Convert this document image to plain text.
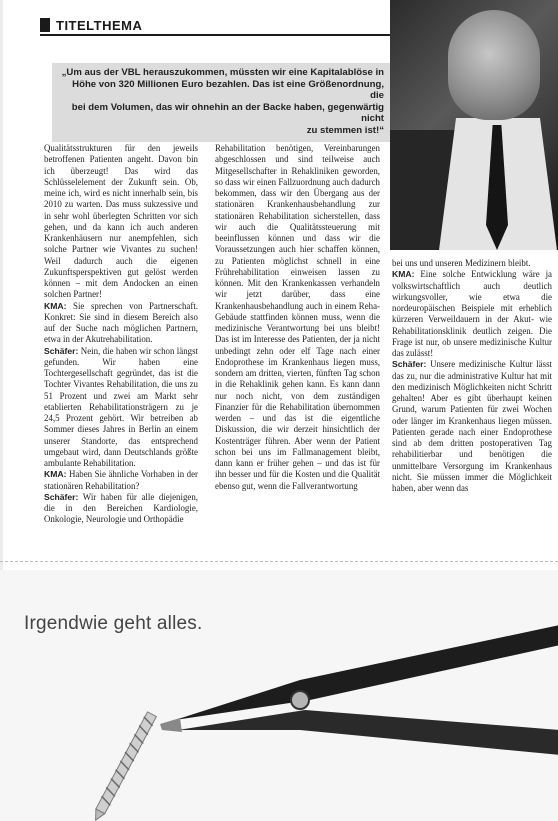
TITELTHEMA

„Um aus der VBL herauszukommen, müssten wir eine Kapitalablöse in

Höhe von 320 Millionen Euro bezahlen. Das ist eine Größenordnung, die

bei dem Volumen, das wir ohnehin an der Backe haben, gegenwärtig nicht

zu stemmen ist!“

Qualitätsstrukturen für den jeweils betroffenen Patienten angeht. Davon bin ich überzeugt! Das wird das Schlüsselelement der Zukunft sein. Ob, meine ich, wird es nicht innerhalb sein, bis 2010 zu warten. Das muss sukzessive und in sehr wohl überlegten Schritten vor sich gehen, und da kann ich auch anderen Krankenhäusern nur anempfehlen, sich solche Partner wie Vivantes zu suchen! Weil dadurch auch die eigenen Zukunftsperspektiven gut gelöst werden können – mit dem Andocken an einen solchen Partner!

KMA: Sie sprechen von Partnerschaft. Konkret: Sie sind in diesem Bereich also auf der Suche nach möglichen Partnern, etwa in der Akutrehabilitation.

Schäfer: Nein, die haben wir schon längst gefunden. Wir haben eine Tochtergesellschaft gegründet, das ist die Tochter Vivantes Rehabilitation, die uns zu 51 Prozent und zwei am Markt sehr etablierten Rehabilitationsträgern zu je 24,5 Prozent gehört. Wir betreiben ab Sommer dieses Jahres in Berlin an einem unserer Standorte, das entsprechend umgebaut wird, dann Deutschlands größte ambulante Rehabilitation.

KMA: Haben Sie ähnliche Vorhaben in der stationären Rehabilitation?

Schäfer: Wir haben für alle diejenigen, die in den Bereichen Kardiologie, Onkologie, Neurologie und Orthopädie

Rehabilitation benötigen, Vereinbarungen abgeschlossen und sind teilweise auch Mitgesellschafter in Rehakliniken geworden, so dass wir einen Fallzuordnung auch dadurch bekommen, dass wir den Übergang aus der stationären Krankenhausbehandlung zur stationären Rehabilitation sicherstellen, dass wir auch die Qualitätssteuerung mit beeinflussen können und dass wir die Voraussetzungen auch hier schaffen können, zu Patienten möglichst schnell in eine Frührehabilitation einweisen lassen zu können. Mit den Krankenkassen verhandeln wir jetzt darüber, dass eine Krankenhausbehandlung auch in einem Reha-Gebäude stattfinden können muss, wenn die medizinische Verantwortung bei uns bleibt! Das ist im Interesse des Patienten, der ja nicht unbedingt zehn oder elf Tage nach einer Endoprothese im Krankenhaus liegen muss, sondern am dritten, vierten, fünften Tag schon in die Rehaklinik gehen kann. Es kann dann nur noch nicht, von dem zuständigen Finanzier für die Rehabilitation übernommen werden – und das ist die eigentliche Diskussion, die wir derzeit hinsichtlich der Kostenträger führen. Aber wenn der Patient schon bei uns im Fallmanagement bleibt, dann kann er früher gehen – und das ist für ihn besser und für die Kosten und die Qualität ebenso gut, wenn die Fallverantwortung

bei uns und unseren Medizinern bleibt.

KMA: Eine solche Entwicklung wäre ja volkswirtschaftlich auch deutlich wirkungsvoller, wie etwa die nordeuropäischen Beispiele mit erheblich kürzeren Verweildauern in der Akut- wie Rehabilitationsklinik deutlich zeigen. Die Frage ist nur, ob unsere medizinische Kultur das zulässt!

Schäfer: Unsere medizinische Kultur lässt das zu, nur die administrative Kultur hat mit den medizinisch Möglichkeiten nicht Schritt gehalten! Aber es gibt überhaupt keinen Grund, warum Patienten für zwei Wochen oder länger im Krankenhaus liegen müssen. Patienten gerade nach einer Endoprothese sind ab dem dritten postoperativen Tag rehabilitierbar und benötigen die unmittelbare Versorgung im Krankenhaus nicht. Sie müssen immer die Möglichkeit haben, aber wenn das

Irgendwie geht alles.
